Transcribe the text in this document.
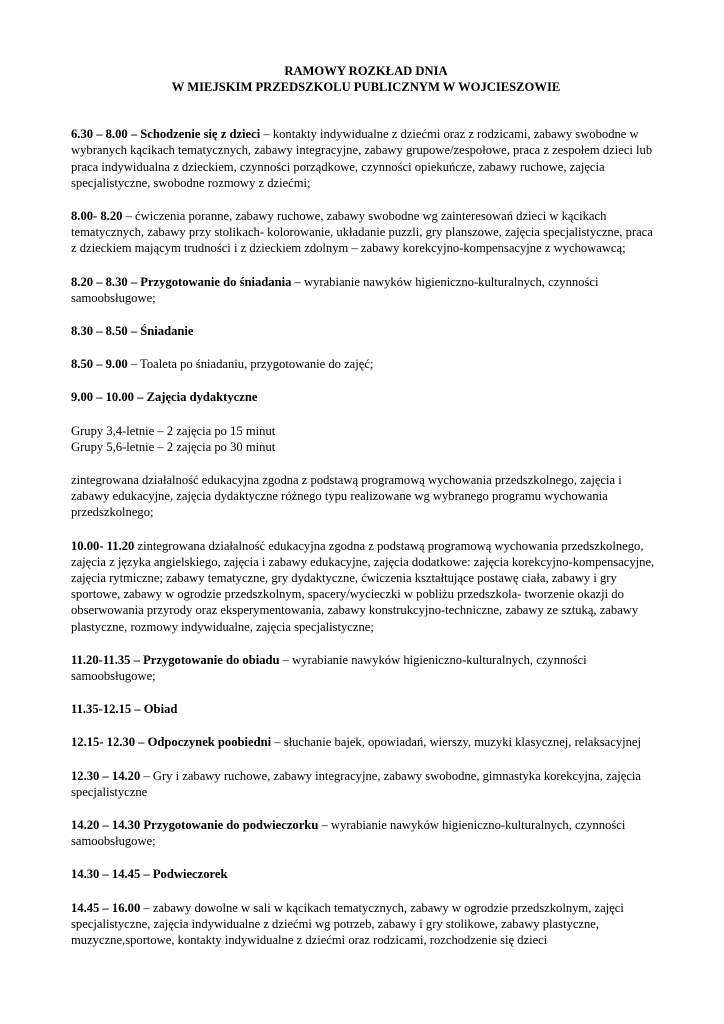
RAMOWY ROZKŁAD DNIA

W MIEJSKIM PRZEDSZKOLU PUBLICZNYM W WOJCIESZOWIE

6.30 – 8.00 – Schodzenie się z dzieci – kontakty indywidualne z dziećmi oraz z rodzicami, zabawy swobodne w wybranych kącikach tematycznych, zabawy integracyjne, zabawy grupowe/zespołowe, praca z zespołem dzieci lub praca indywidualna z dzieckiem, czynności porządkowe, czynności opiekuńcze, zabawy ruchowe, zajęcia specjalistyczne, swobodne rozmowy z dziećmi;

8.00- 8.20 – ćwiczenia poranne, zabawy ruchowe, zabawy swobodne wg zainteresowań dzieci w kącikach tematycznych, zabawy przy stolikach- kolorowanie, układanie puzzli, gry planszowe, zajęcia specjalistyczne, praca z dzieckiem mającym trudności i z dzieckiem zdolnym – zabawy korekcyjno-kompensacyjne z wychowawcą;

8.20 – 8.30 – Przygotowanie do śniadania – wyrabianie nawyków higieniczno-kulturalnych, czynności samoobsługowe;

8.30 – 8.50 – Śniadanie

8.50 – 9.00 – Toaleta po śniadaniu, przygotowanie do zajęć;

9.00 – 10.00 – Zajęcia dydaktyczne

Grupy 3,4-letnie – 2 zajęcia po 15 minut

Grupy 5,6-letnie – 2 zajęcia po 30 minut

zintegrowana działalność edukacyjna zgodna z podstawą programową wychowania przedszkolnego, zajęcia i zabawy edukacyjne, zajęcia dydaktyczne różnego typu realizowane wg wybranego programu wychowania przedszkolnego;

10.00- 11.20 zintegrowana działalność edukacyjna zgodna z podstawą programową wychowania przedszkolnego, zajęcia z języka angielskiego, zajęcia i zabawy edukacyjne, zajęcia dodatkowe: zajęcia korekcyjno-kompensacyjne, zajęcia rytmiczne; zabawy tematyczne, gry dydaktyczne, ćwiczenia kształtujące postawę ciała, zabawy i gry sportowe, zabawy w ogrodzie przedszkolnym, spacery/wycieczki w pobliżu przedszkola- tworzenie okazji do obserwowania przyrody oraz eksperymentowania, zabawy konstrukcyjno-techniczne, zabawy ze sztuką, zabawy plastyczne, rozmowy indywidualne, zajęcia specjalistyczne;

11.20-11.35 – Przygotowanie do obiadu – wyrabianie nawyków higieniczno-kulturalnych, czynności samoobsługowe;

11.35-12.15 – Obiad

12.15- 12.30 – Odpoczynek poobiedni – słuchanie bajek, opowiadań, wierszy, muzyki klasycznej, relaksacyjnej

12.30 – 14.20 – Gry i zabawy ruchowe, zabawy integracyjne, zabawy swobodne, gimnastyka korekcyjna, zajęcia specjalistyczne

14.20 – 14.30 Przygotowanie do podwieczorku – wyrabianie nawyków higieniczno-kulturalnych, czynności samoobsługowe;

14.30 – 14.45 – Podwieczorek

14.45 – 16.00 – zabawy dowolne w sali w kącikach tematycznych, zabawy w ogrodzie przedszkolnym, zajęci specjalistyczne, zajęcia indywidualne z dziećmi wg potrzeb, zabawy i gry stolikowe, zabawy plastyczne, muzyczne,sportowe, kontakty indywidualne z dziećmi oraz rodzicami, rozchodzenie się dzieci
